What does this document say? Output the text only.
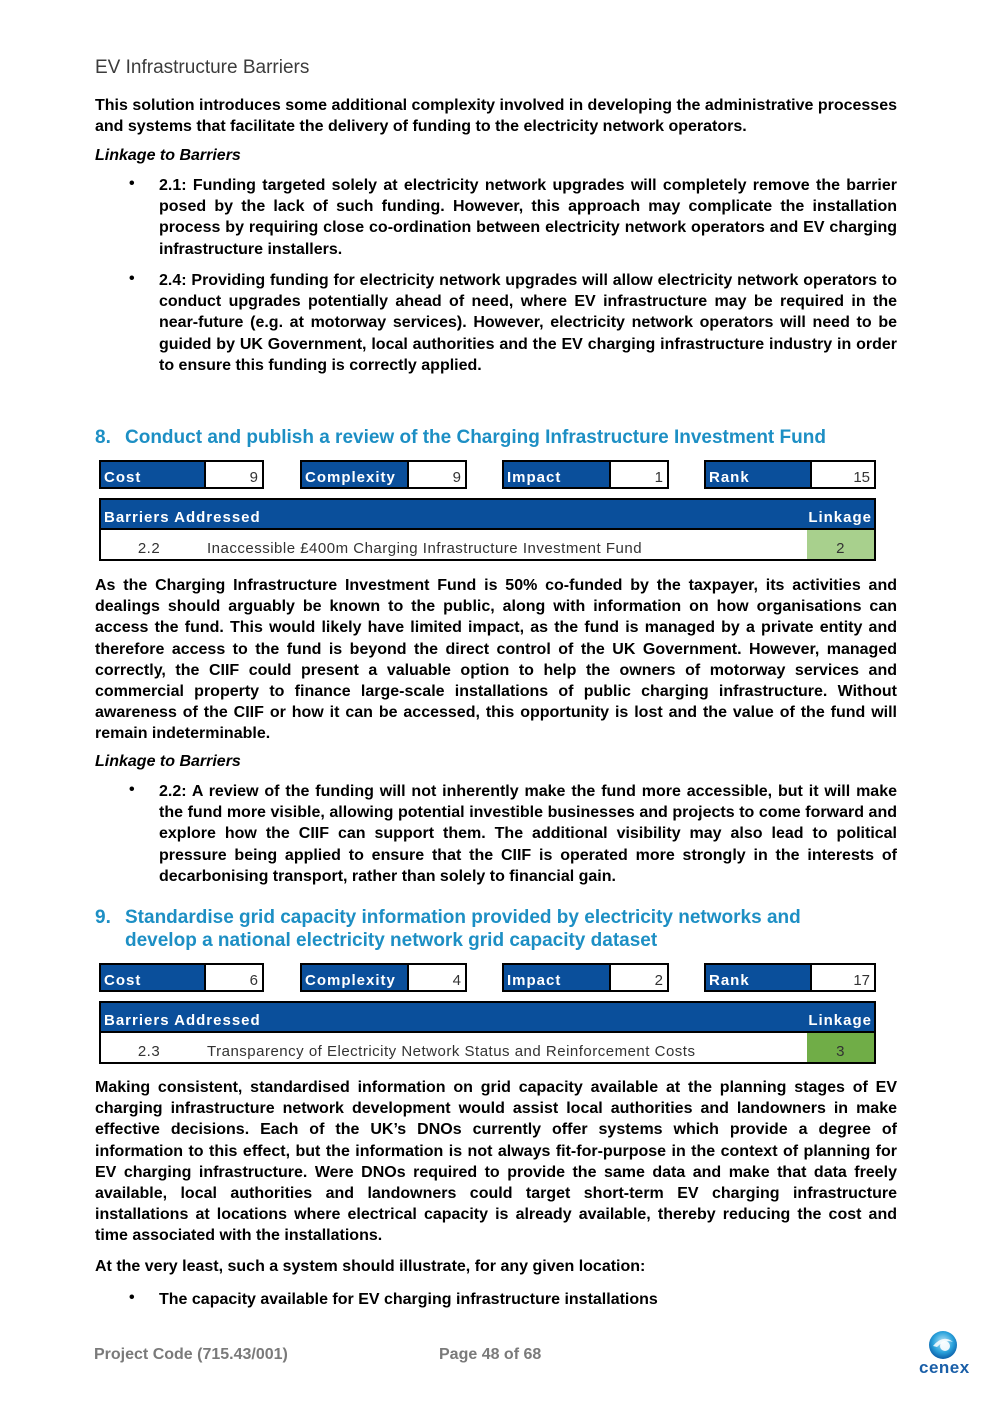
EV Infrastructure Barriers
This solution introduces some additional complexity involved in developing the administrative processes and systems that facilitate the delivery of funding to the electricity network operators.
Linkage to Barriers
• 2.1: Funding targeted solely at electricity network upgrades will completely remove the barrier posed by the lack of such funding. However, this approach may complicate the installation process by requiring close co-ordination between electricity network operators and EV charging infrastructure installers.
• 2.4: Providing funding for electricity network upgrades will allow electricity network operators to conduct upgrades potentially ahead of need, where EV infrastructure may be required in the near-future (e.g. at motorway services). However, electricity network operators will need to be guided by UK Government, local authorities and the EV charging infrastructure industry in order to ensure this funding is correctly applied.
8. Conduct and publish a review of the Charging Infrastructure Investment Fund
Cost	9	Complexity	9	Impact	1	Rank	15
Barriers Addressed	Linkage
2.2	Inaccessible £400m Charging Infrastructure Investment Fund	2
As the Charging Infrastructure Investment Fund is 50% co-funded by the taxpayer, its activities and dealings should arguably be known to the public, along with information on how organisations can access the fund. This would likely have limited impact, as the fund is managed by a private entity and therefore access to the fund is beyond the direct control of the UK Government. However, managed correctly, the CIIF could present a valuable option to help the owners of motorway services and commercial property to finance large-scale installations of public charging infrastructure. Without awareness of the CIIF or how it can be accessed, this opportunity is lost and the value of the fund will remain indeterminable.
Linkage to Barriers
• 2.2: A review of the funding will not inherently make the fund more accessible, but it will make the fund more visible, allowing potential investible businesses and projects to come forward and explore how the CIIF can support them. The additional visibility may also lead to political pressure being applied to ensure that the CIIF is operated more strongly in the interests of decarbonising transport, rather than solely to financial gain.
9. Standardise grid capacity information provided by electricity networks and
develop a national electricity network grid capacity dataset
Cost	6	Complexity	4	Impact	2	Rank	17
Barriers Addressed	Linkage
2.3	Transparency of Electricity Network Status and Reinforcement Costs	3
Making consistent, standardised information on grid capacity available at the planning stages of EV charging infrastructure network development would assist local authorities and landowners in make effective decisions. Each of the UK’s DNOs currently offer systems which provide a degree of information to this effect, but the information is not always fit-for-purpose in the context of planning for EV charging infrastructure. Were DNOs required to provide the same data and make that data freely available, local authorities and landowners could target short-term EV charging infrastructure installations at locations where electrical capacity is already available, thereby reducing the cost and time associated with the installations.
At the very least, such a system should illustrate, for any given location:
• The capacity available for EV charging infrastructure installations
Project Code (715.43/001)	Page 48 of 68
cenex
